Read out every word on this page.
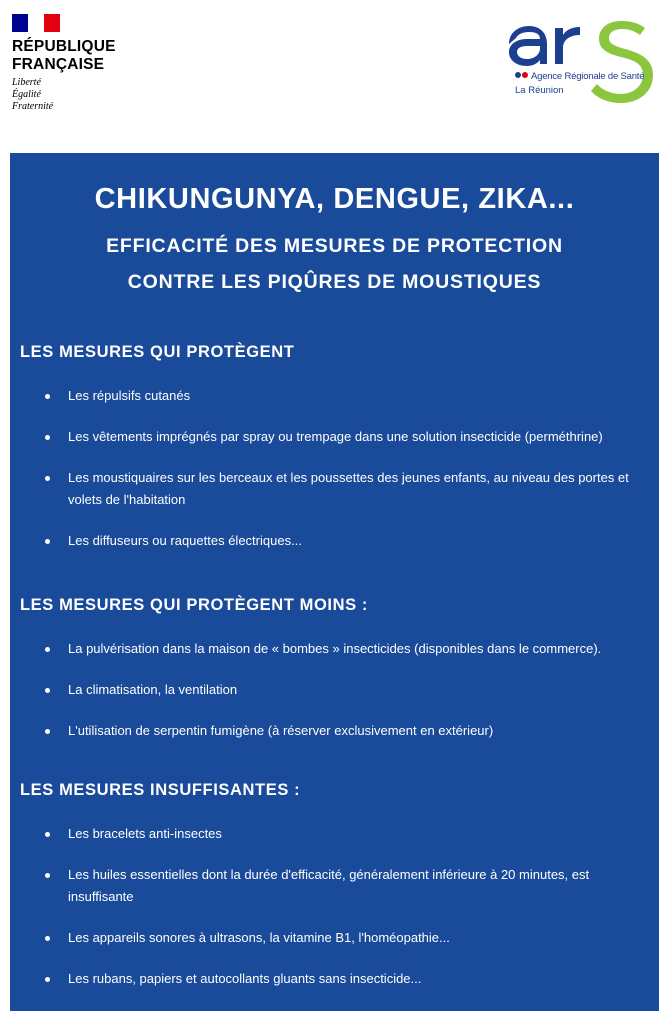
RÉPUBLIQUE
FRANÇAISE
Liberté
Égalité
Fraternité
Agence Régionale de Santé
La Réunion
CHIKUNGUNYA, DENGUE, ZIKA...
EFFICACITÉ DES MESURES DE PROTECTION
CONTRE LES PIQÛRES DE MOUSTIQUES
LES MESURES QUI PROTÈGENT
Les répulsifs cutanés
Les vêtements imprégnés par spray ou trempage dans une solution insecticide (perméthrine)
Les moustiquaires sur les berceaux et les poussettes des jeunes enfants, au niveau des portes et volets de l'habitation
Les diffuseurs ou raquettes électriques...
LES MESURES QUI PROTÈGENT MOINS :
La pulvérisation dans la maison de « bombes » insecticides (disponibles dans le commerce).
La climatisation, la ventilation
L'utilisation de serpentin fumigène (à réserver exclusivement en extérieur)
LES MESURES INSUFFISANTES :
Les bracelets anti-insectes
Les huiles essentielles dont la durée d'efficacité, généralement inférieure à 20 minutes, est insuffisante
Les appareils sonores à ultrasons, la vitamine B1, l'homéopathie...
Les rubans, papiers et autocollants gluants sans insecticide...
